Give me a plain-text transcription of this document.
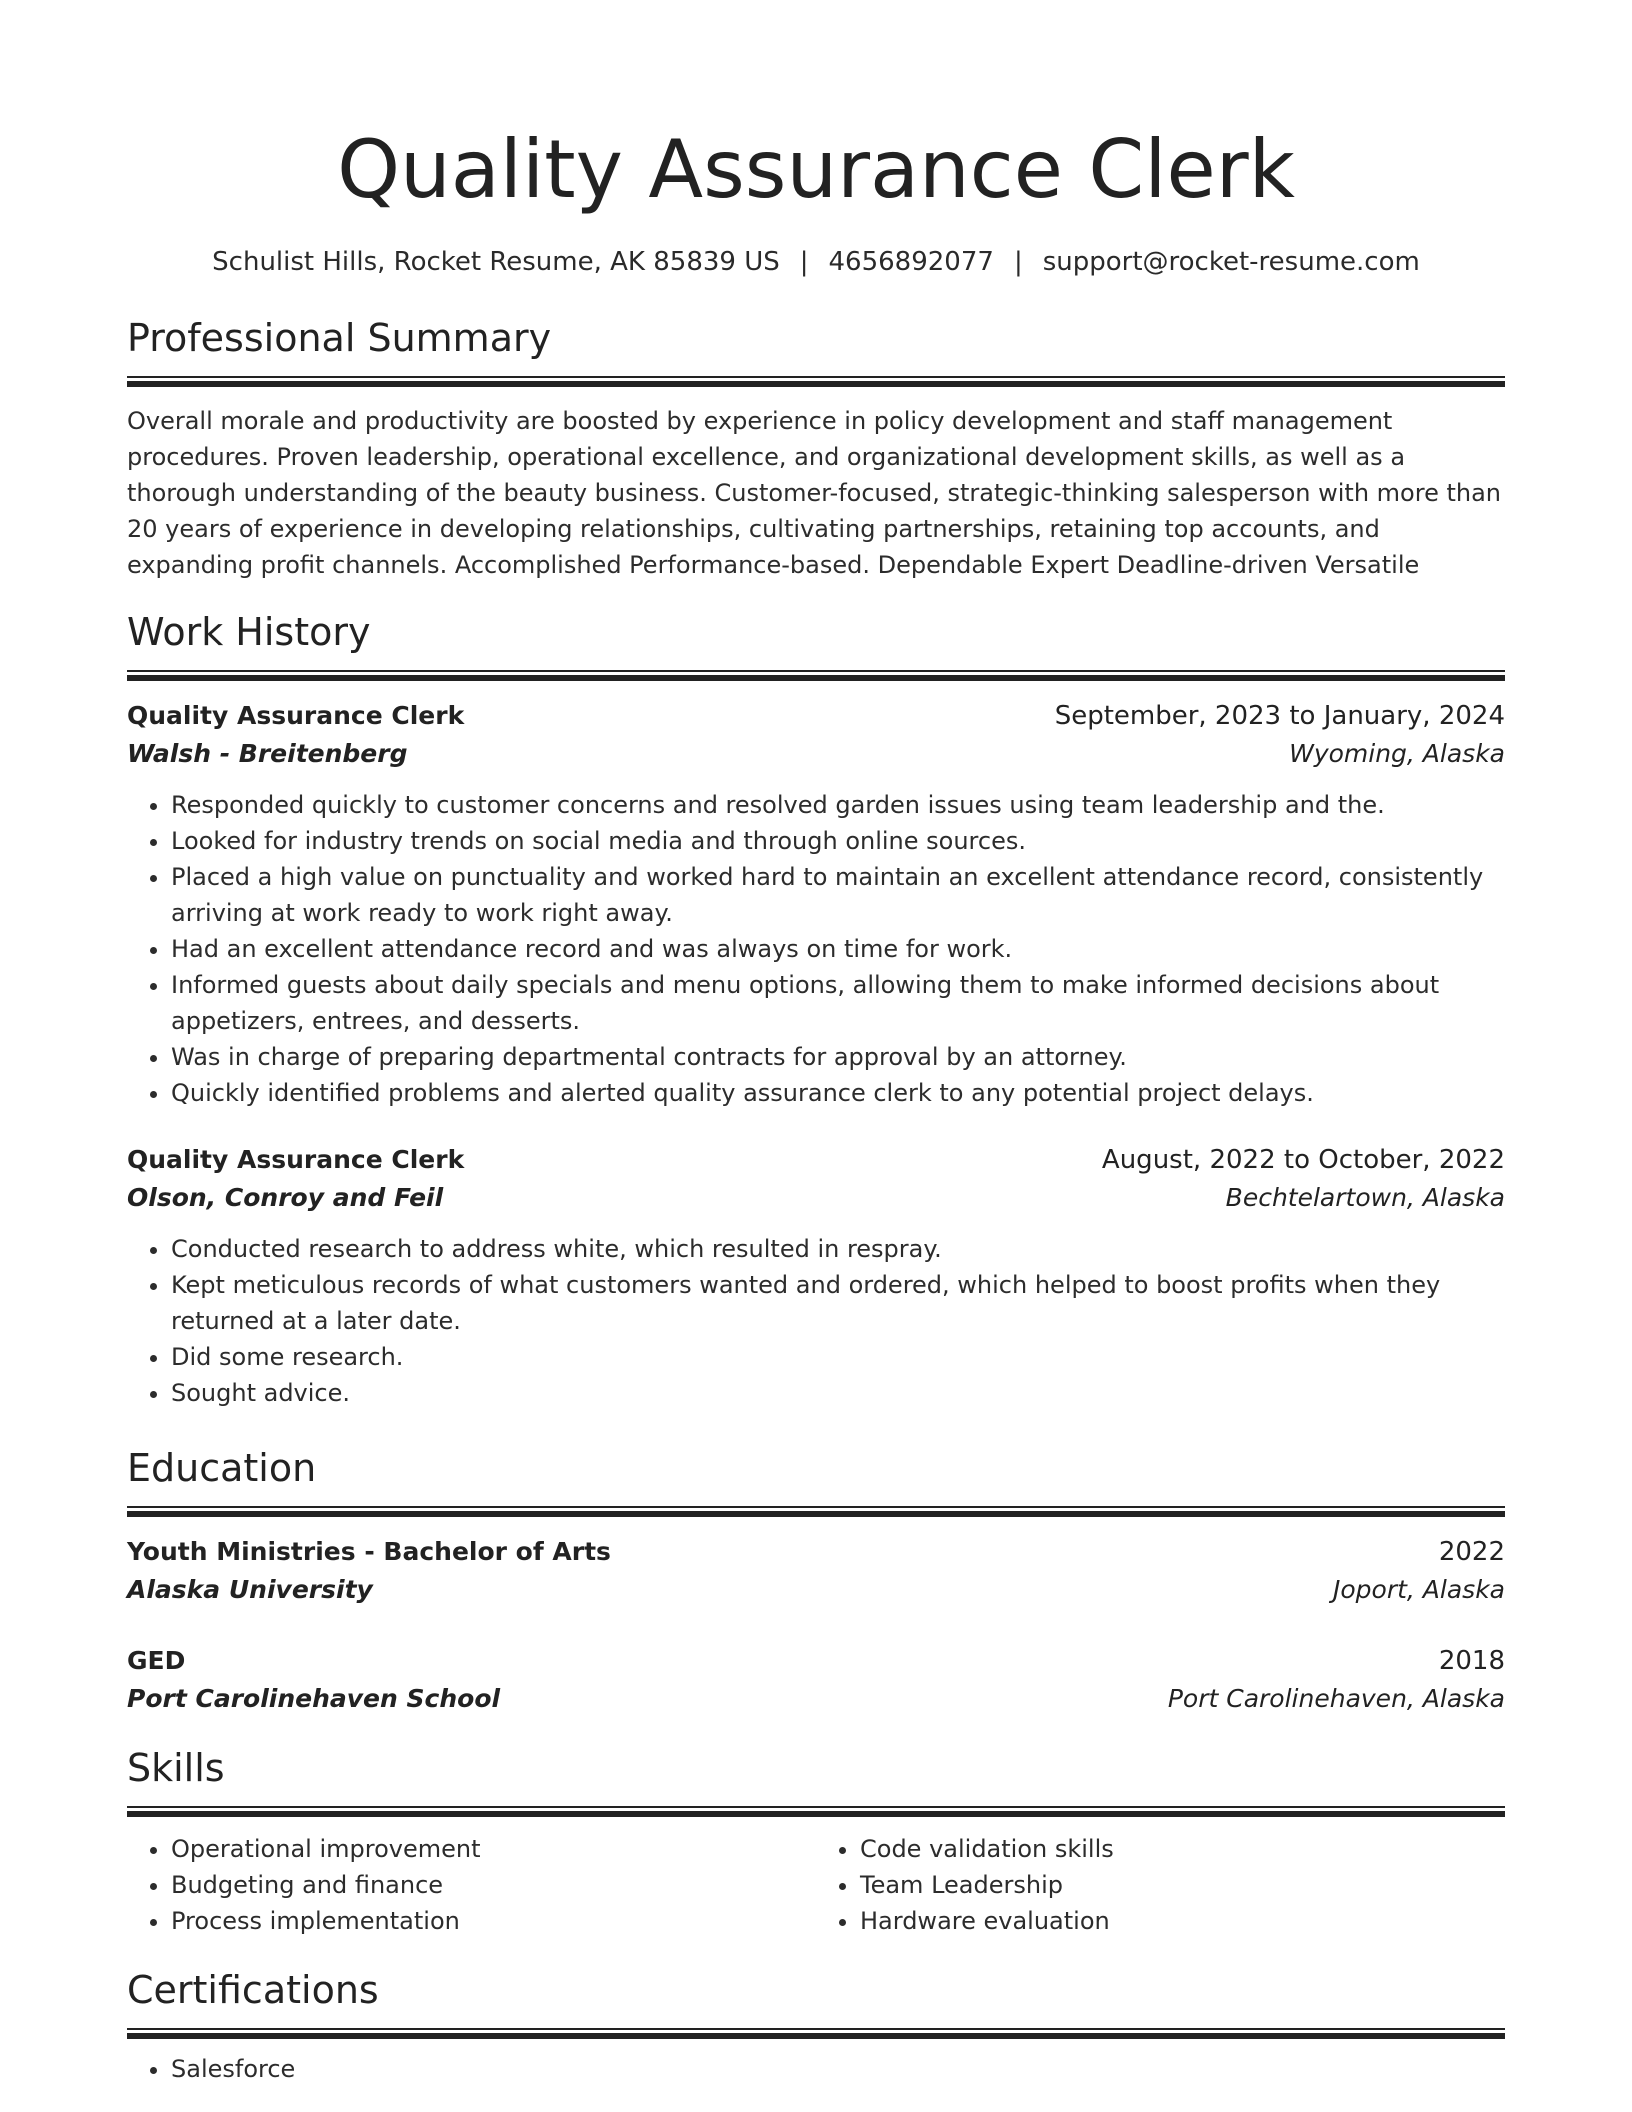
Quality Assurance Clerk
Schulist Hills, Rocket Resume, AK 85839 US | 4656892077 | support@rocket-resume.com
Professional Summary
Overall morale and productivity are boosted by experience in policy development and staff management procedures. Proven leadership, operational excellence, and organizational development skills, as well as a thorough understanding of the beauty business. Customer-focused, strategic-thinking salesperson with more than 20 years of experience in developing relationships, cultivating partnerships, retaining top accounts, and expanding profit channels. Accomplished Performance-based. Dependable Expert Deadline-driven Versatile
Work History
Quality Assurance Clerk	September, 2023 to January, 2024
Walsh - Breitenberg	Wyoming, Alaska
• Responded quickly to customer concerns and resolved garden issues using team leadership and the.
• Looked for industry trends on social media and through online sources.
• Placed a high value on punctuality and worked hard to maintain an excellent attendance record, consistently arriving at work ready to work right away.
• Had an excellent attendance record and was always on time for work.
• Informed guests about daily specials and menu options, allowing them to make informed decisions about appetizers, entrees, and desserts.
• Was in charge of preparing departmental contracts for approval by an attorney.
• Quickly identified problems and alerted quality assurance clerk to any potential project delays.
Quality Assurance Clerk	August, 2022 to October, 2022
Olson, Conroy and Feil	Bechtelartown, Alaska
• Conducted research to address white, which resulted in respray.
• Kept meticulous records of what customers wanted and ordered, which helped to boost profits when they returned at a later date.
• Did some research.
• Sought advice.
Education
Youth Ministries - Bachelor of Arts	2022
Alaska University	Joport, Alaska
GED	2018
Port Carolinehaven School	Port Carolinehaven, Alaska
Skills
• Operational improvement
• Budgeting and finance
• Process implementation
• Code validation skills
• Team Leadership
• Hardware evaluation
Certifications
• Salesforce
